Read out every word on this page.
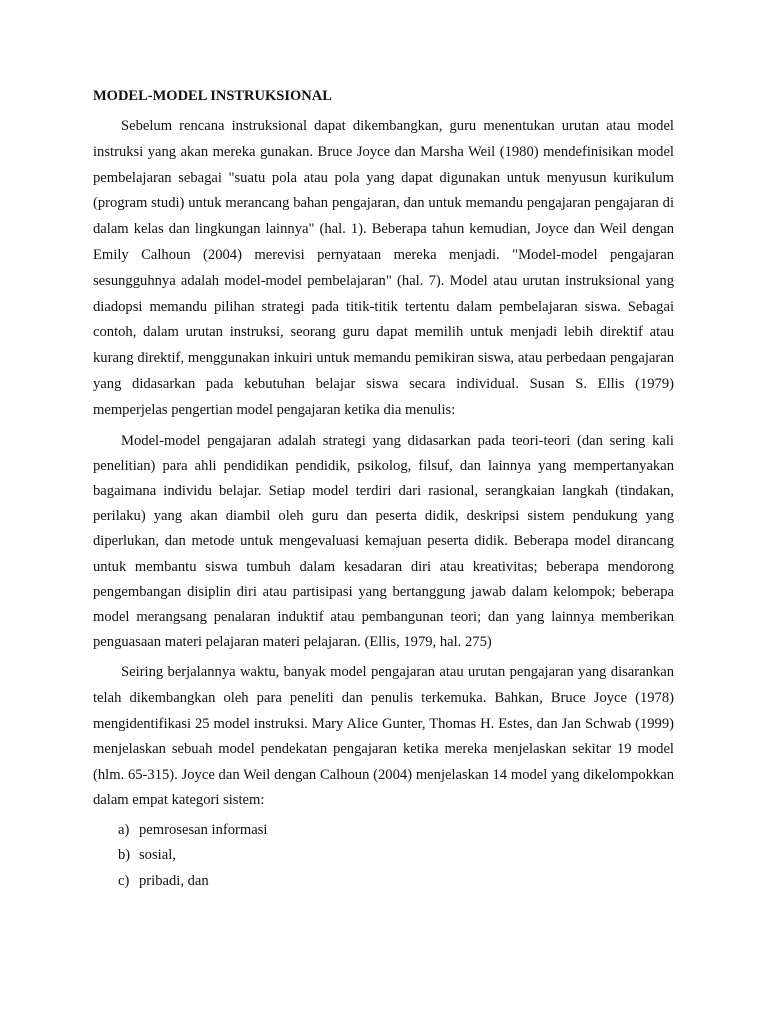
MODEL-MODEL INSTRUKSIONAL

Sebelum rencana instruksional dapat dikembangkan, guru menentukan urutan atau model instruksi yang akan mereka gunakan. Bruce Joyce dan Marsha Weil (1980) mendefinisikan model pembelajaran sebagai "suatu pola atau pola yang dapat digunakan untuk menyusun kurikulum (program studi) untuk merancang bahan pengajaran, dan untuk memandu pengajaran pengajaran di dalam kelas dan lingkungan lainnya" (hal. 1). Beberapa tahun kemudian, Joyce dan Weil dengan Emily Calhoun (2004) merevisi pernyataan mereka menjadi. "Model-model pengajaran sesungguhnya adalah model-model pembelajaran" (hal. 7). Model atau urutan instruksional yang diadopsi memandu pilihan strategi pada titik-titik tertentu dalam pembelajaran siswa. Sebagai contoh, dalam urutan instruksi, seorang guru dapat memilih untuk menjadi lebih direktif atau kurang direktif, menggunakan inkuiri untuk memandu pemikiran siswa, atau perbedaan pengajaran yang didasarkan pada kebutuhan belajar siswa secara individual. Susan S. Ellis (1979) memperjelas pengertian model pengajaran ketika dia menulis:

Model-model pengajaran adalah strategi yang didasarkan pada teori-teori (dan sering kali penelitian) para ahli pendidikan pendidik, psikolog, filsuf, dan lainnya yang mempertanyakan bagaimana individu belajar. Setiap model terdiri dari rasional, serangkaian langkah (tindakan, perilaku) yang akan diambil oleh guru dan peserta didik, deskripsi sistem pendukung yang diperlukan, dan metode untuk mengevaluasi kemajuan peserta didik. Beberapa model dirancang untuk membantu siswa tumbuh dalam kesadaran diri atau kreativitas; beberapa mendorong pengembangan disiplin diri atau partisipasi yang bertanggung jawab dalam kelompok; beberapa model merangsang penalaran induktif atau pembangunan teori; dan yang lainnya memberikan penguasaan materi pelajaran materi pelajaran. (Ellis, 1979, hal. 275)

Seiring berjalannya waktu, banyak model pengajaran atau urutan pengajaran yang disarankan telah dikembangkan oleh para peneliti dan penulis terkemuka. Bahkan, Bruce Joyce (1978) mengidentifikasi 25 model instruksi. Mary Alice Gunter, Thomas H. Estes, dan Jan Schwab (1999) menjelaskan sebuah model pendekatan pengajaran ketika mereka menjelaskan sekitar 19 model (hlm. 65-315). Joyce dan Weil dengan Calhoun (2004) menjelaskan 14 model yang dikelompokkan dalam empat kategori sistem:

a) pemrosesan informasi
b) sosial,
c) pribadi, dan
